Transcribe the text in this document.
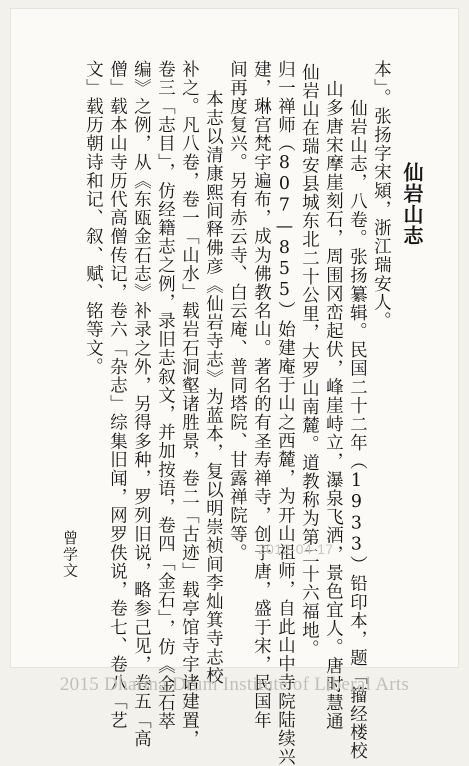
仙岩山志
本」。张扬字宋熲，浙江瑞安人。
仙岩山志，八卷。张扬纂辑。民国二十二年（1933）铅印本，题「籀经楼校
山多唐宋摩崖刻石，周围冈峦起伏，峰崖峙立，瀑泉飞洒，景色宜人。唐时慧通
仙岩山在瑞安县城东北二十公里，大罗山南麓。道教称为第二十六福地。
归一禅师（807—855）始建庵于山之西麓，为开山祖师，自此山中寺院陆续兴
建，琳宫梵宇遍布，成为佛教名山。著名的有圣寿禅寺，创于唐，盛于宋，民国年
间再度复兴。另有赤云寺、白云庵、普同塔院、甘露禅院等。
本志以清康熙间释佛彦《仙岩寺志》为蓝本，复以明崇祯间李灿箕寺志校
补之。凡八卷，卷一「山水」载岩石洞壑诸胜景，卷二「古迹」载亭馆寺宇诸建置，
卷三「志目」，仿经籍志之例，录旧志叙文，并加按语，卷四「金石」，仿《金石萃
编》之例，从《东瓯金石志》补录之外，另得多种，罗列旧说，略参己见，卷五「高
僧」载本山寺历代高僧传记，卷六「杂志」综集旧闻，网罗佚说，卷七、卷八「艺
文」载历朝诗和记、叙、赋、铭等文。
曾学文	2012-04-17
2015 Dharma Drum Institute of Liberal Arts
